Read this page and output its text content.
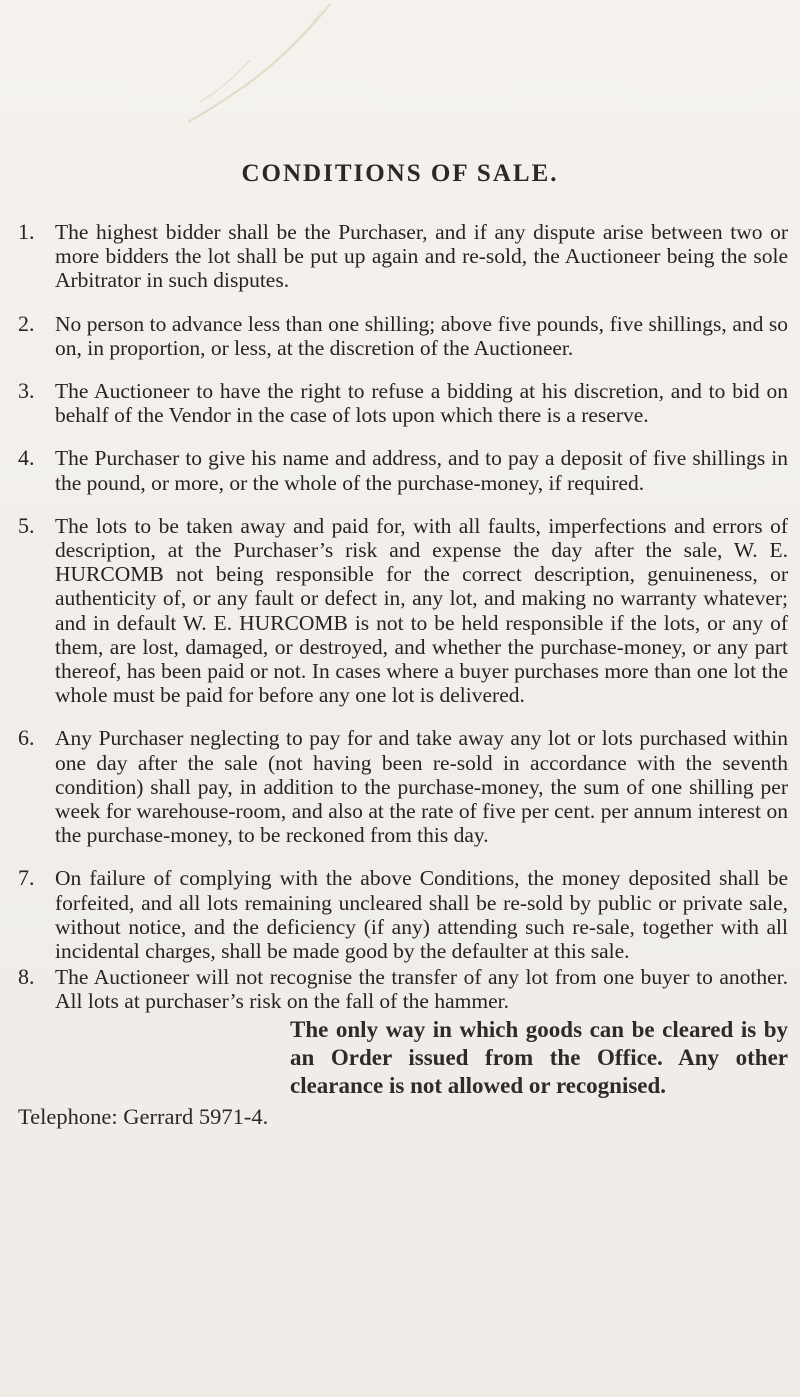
CONDITIONS OF SALE.
1. The highest bidder shall be the Purchaser, and if any dispute arise between two or more bidders the lot shall be put up again and re-sold, the Auctioneer being the sole Arbitrator in such disputes.
2. No person to advance less than one shilling; above five pounds, five shillings, and so on, in proportion, or less, at the discretion of the Auctioneer.
3. The Auctioneer to have the right to refuse a bidding at his discretion, and to bid on behalf of the Vendor in the case of lots upon which there is a reserve.
4. The Purchaser to give his name and address, and to pay a deposit of five shillings in the pound, or more, or the whole of the purchase-money, if required.
5. The lots to be taken away and paid for, with all faults, imperfections and errors of description, at the Purchaser’s risk and expense the day after the sale, W. E. HURCOMB not being responsible for the correct description, genuineness, or authenticity of, or any fault or defect in, any lot, and making no warranty whatever; and in default W. E. HURCOMB is not to be held responsible if the lots, or any of them, are lost, damaged, or destroyed, and whether the purchase-money, or any part thereof, has been paid or not. In cases where a buyer purchases more than one lot the whole must be paid for before any one lot is delivered.
6. Any Purchaser neglecting to pay for and take away any lot or lots purchased within one day after the sale (not having been re-sold in accordance with the seventh condition) shall pay, in addition to the purchase-money, the sum of one shilling per week for warehouse-room, and also at the rate of five per cent. per annum interest on the purchase-money, to be reckoned from this day.
7. On failure of complying with the above Conditions, the money deposited shall be forfeited, and all lots remaining uncleared shall be re-sold by public or private sale, without notice, and the deficiency (if any) attending such re-sale, together with all incidental charges, shall be made good by the defaulter at this sale.
8. The Auctioneer will not recognise the transfer of any lot from one buyer to another. All lots at purchaser’s risk on the fall of the hammer.
The only way in which goods can be cleared is by an Order issued from the Office. Any other clearance is not allowed or recognised.
Telephone: Gerrard 5971-4.
